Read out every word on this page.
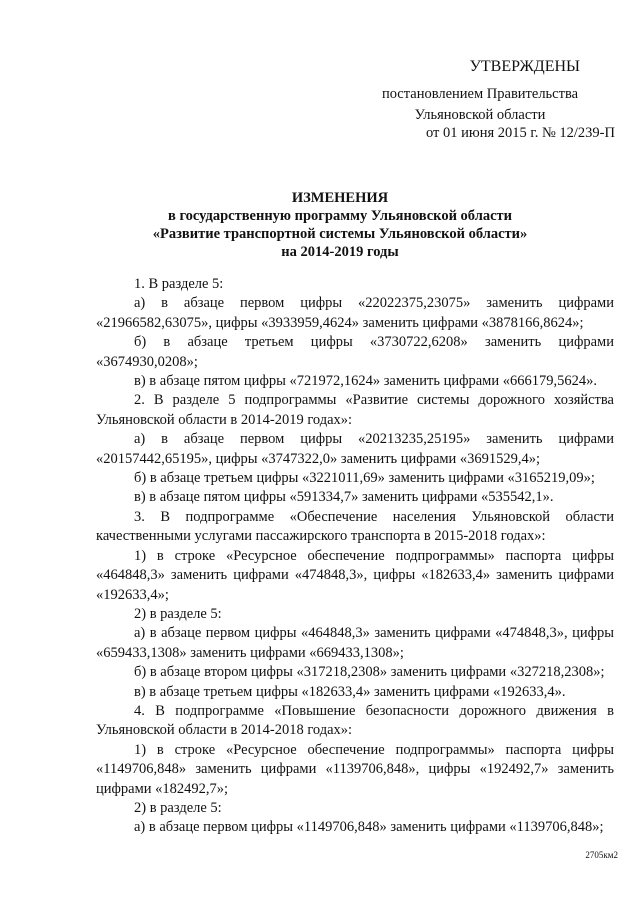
УТВЕРЖДЕНЫ
постановлением Правительства
Ульяновской области
от 01 июня 2015 г. № 12/239-П
ИЗМЕНЕНИЯ
в государственную программу Ульяновской области
«Развитие транспортной системы Ульяновской области»
на 2014-2019 годы

1. В разделе 5:

а) в абзаце первом цифры «22022375,23075» заменить цифрами «21966582,63075», цифры «3933959,4624» заменить цифрами «3878166,8624»;

б) в абзаце третьем цифры «3730722,6208» заменить цифрами «3674930,0208»;

в) в абзаце пятом цифры «721972,1624» заменить цифрами «666179,5624».

2. В разделе 5 подпрограммы «Развитие системы дорожного хозяйства Ульяновской области в 2014-2019 годах»:

а) в абзаце первом цифры «20213235,25195» заменить цифрами «20157442,65195», цифры «3747322,0» заменить цифрами «3691529,4»;

б) в абзаце третьем цифры «3221011,69» заменить цифрами «3165219,09»;

в) в абзаце пятом цифры «591334,7» заменить цифрами «535542,1».

3. В подпрограмме «Обеспечение населения Ульяновской области качественными услугами пассажирского транспорта в 2015-2018 годах»:

1) в строке «Ресурсное обеспечение подпрограммы» паспорта цифры «464848,3» заменить цифрами «474848,3», цифры «182633,4» заменить цифрами «192633,4»;

2) в разделе 5:

а) в абзаце первом цифры «464848,3» заменить цифрами «474848,3», цифры «659433,1308» заменить цифрами «669433,1308»;

б) в абзаце втором цифры «317218,2308» заменить цифрами «327218,2308»;

в) в абзаце третьем цифры «182633,4» заменить цифрами «192633,4».

4. В подпрограмме «Повышение безопасности дорожного движения в Ульяновской области в 2014-2018 годах»:

1) в строке «Ресурсное обеспечение подпрограммы» паспорта цифры «1149706,848» заменить цифрами «1139706,848», цифры «192492,7» заменить цифрами «182492,7»;

2) в разделе 5:

а) в абзаце первом цифры «1149706,848» заменить цифрами «1139706,848»;

2705км2
